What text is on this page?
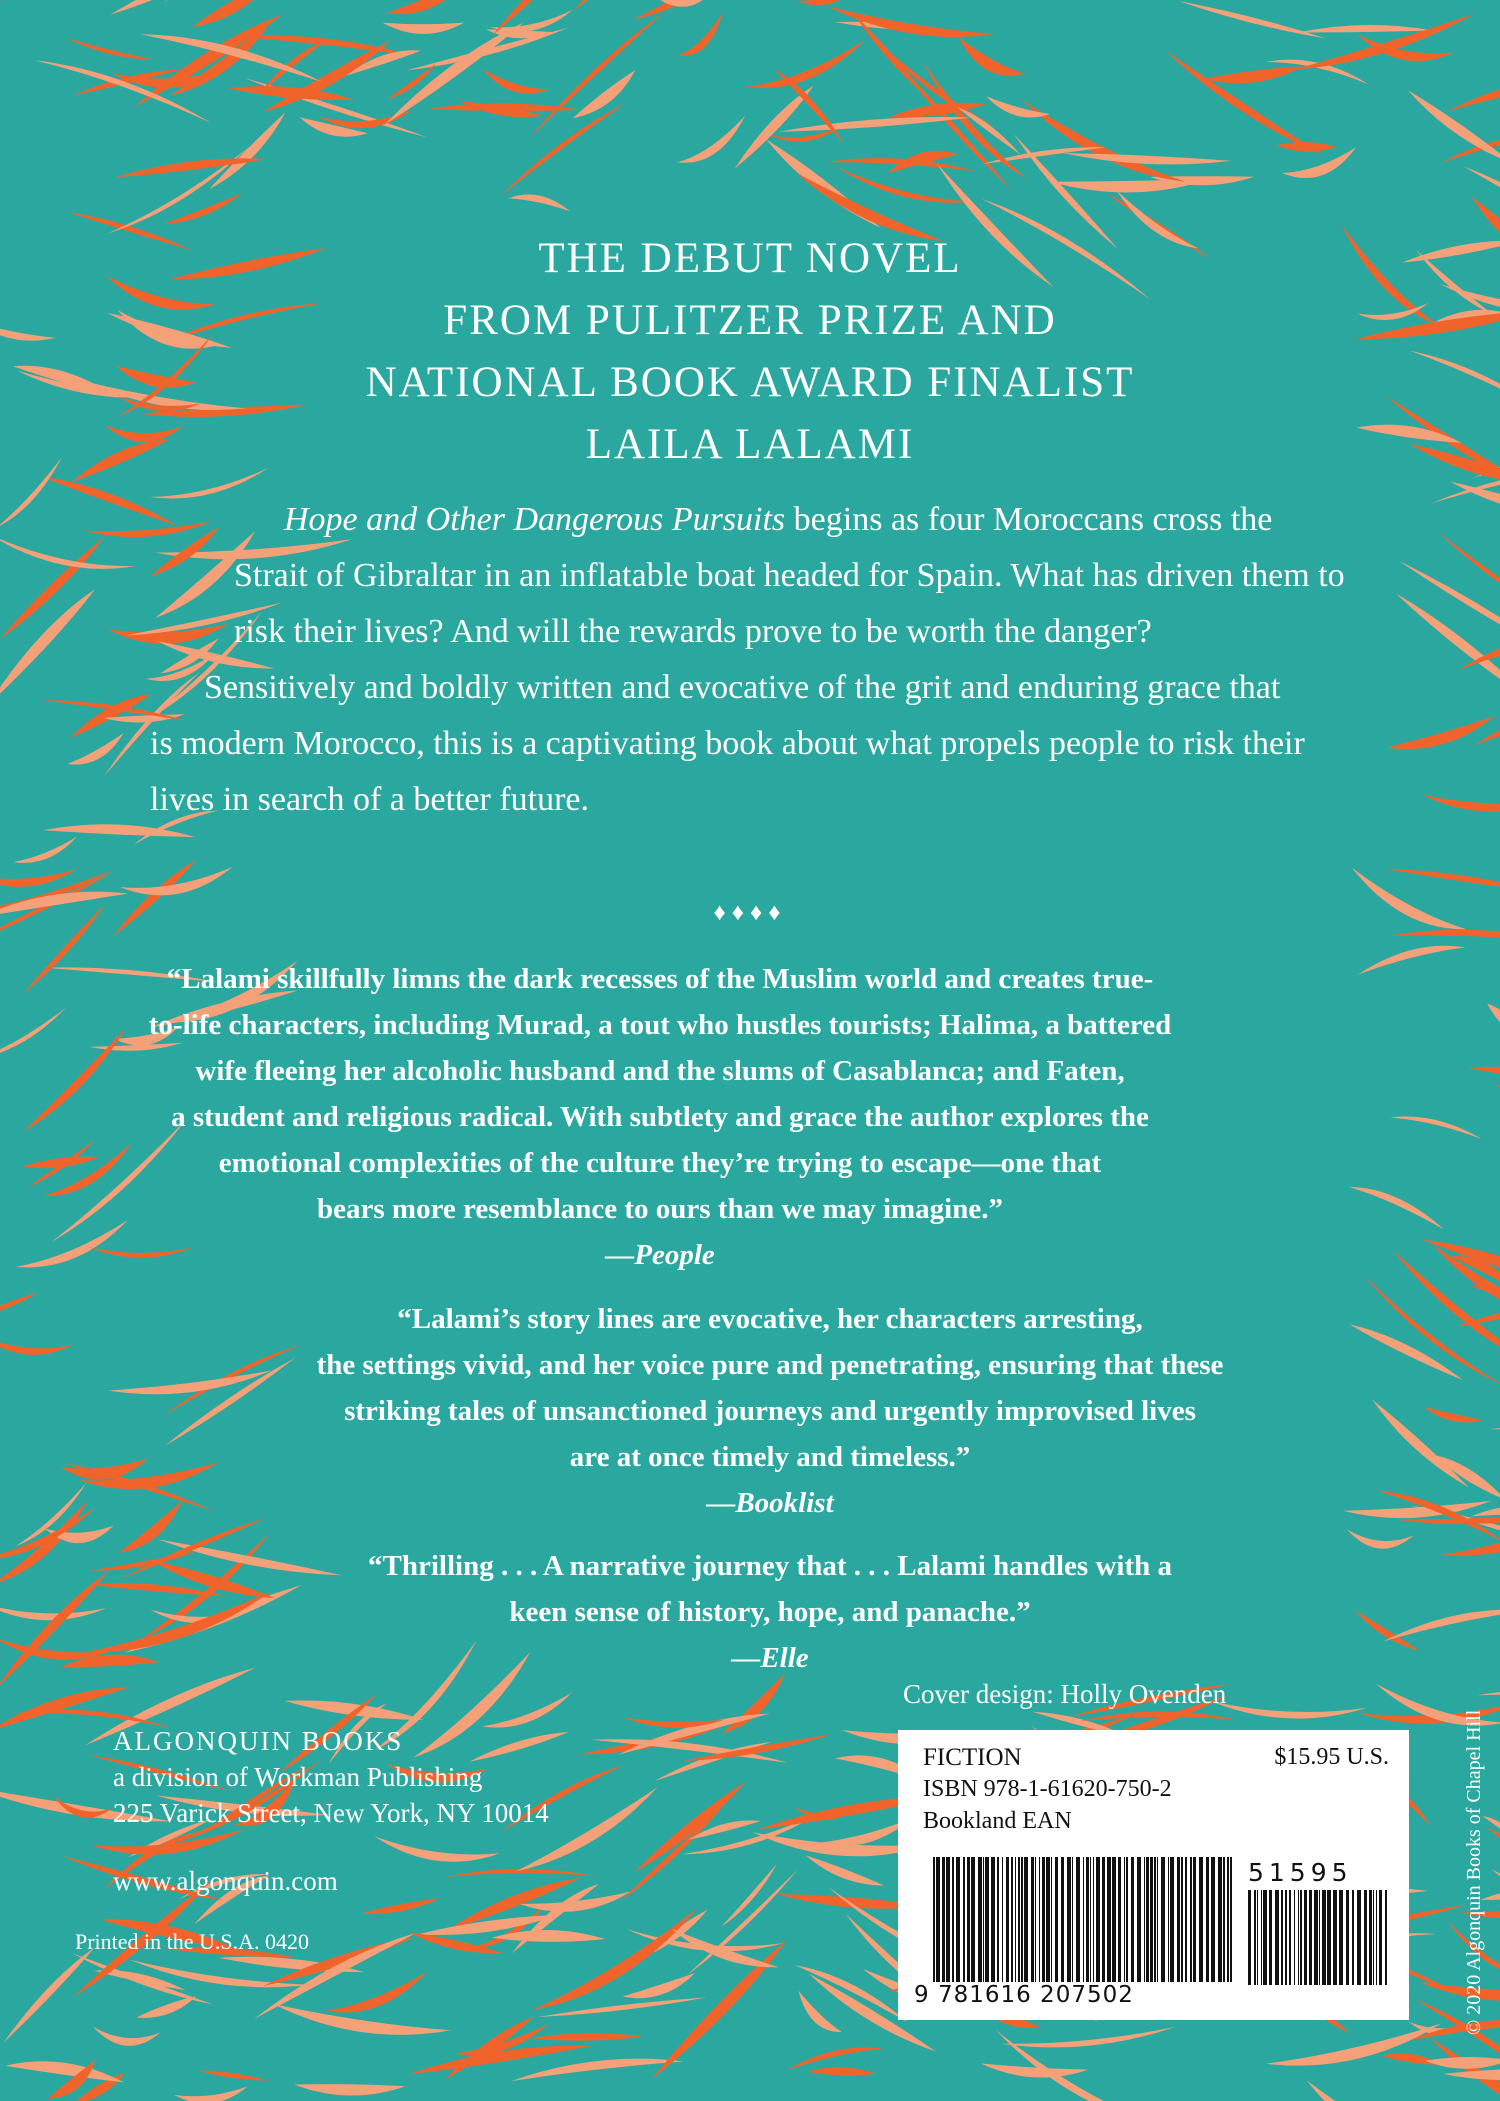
THE DEBUT NOVEL
FROM PULITZER PRIZE AND
NATIONAL BOOK AWARD FINALIST
LAILA LALAMI

Hope and Other Dangerous Pursuits begins as four Moroccans cross the Strait of Gibraltar in an inflatable boat headed for Spain. What has driven them to risk their lives? And will the rewards prove to be worth the danger?

Sensitively and boldly written and evocative of the grit and enduring grace that is modern Morocco, this is a captivating book about what propels people to risk their lives in search of a better future.

♦♦♦♦
“Lalami skillfully limns the dark recesses of the Muslim world and creates true-
to-life characters, including Murad, a tout who hustles tourists; Halima, a battered
wife fleeing her alcoholic husband and the slums of Casablanca; and Faten,
a student and religious radical. With subtlety and grace the author explores the
emotional complexities of the culture they’re trying to escape—one that
bears more resemblance to ours than we may imagine.”
—People
“Lalami’s story lines are evocative, her characters arresting,
the settings vivid, and her voice pure and penetrating, ensuring that these
striking tales of unsanctioned journeys and urgently improvised lives
are at once timely and timeless.”
—Booklist
“Thrilling . . . A narrative journey that . . . Lalami handles with a
keen sense of history, hope, and panache.”
—Elle
Cover design: Holly Ovenden
ALGONQUIN BOOKS
a division of Workman Publishing
225 Varick Street, New York, NY 10014
www.algonquin.com
Printed in the U.S.A. 0420	© 2020 Algonquin Books of Chapel Hill
FICTION	$15.95 U.S.
ISBN 978-1-61620-750-2
Bookland EAN
51595
9 781616 207502
